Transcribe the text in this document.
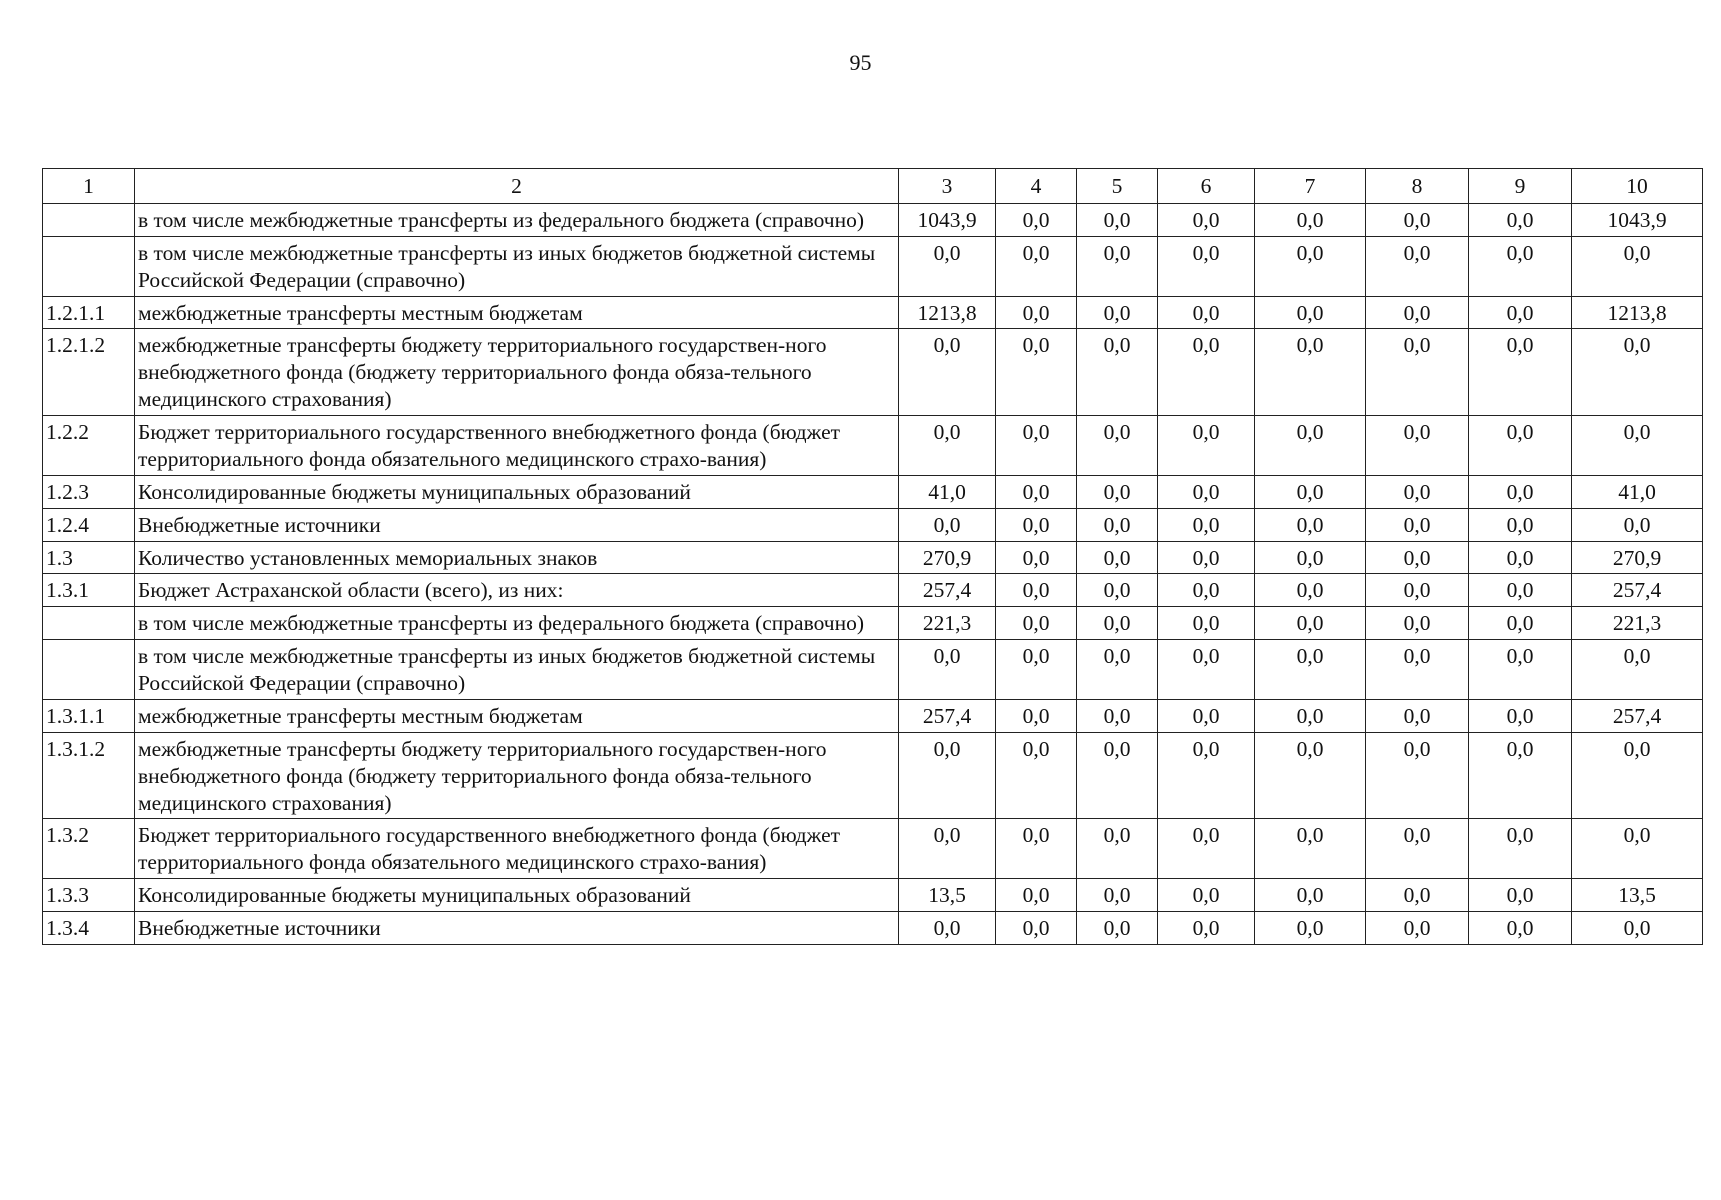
95
1	2	3	4	5	6	7	8	9	10
	в том числе межбюджетные трансферты из федерального бюджета (справочно)	1043,9	0,0	0,0	0,0	0,0	0,0	0,0	1043,9
	в том числе межбюджетные трансферты из иных бюджетов бюджетной системы Российской Федерации (справочно)	0,0	0,0	0,0	0,0	0,0	0,0	0,0	0,0
1.2.1.1	межбюджетные трансферты местным бюджетам	1213,8	0,0	0,0	0,0	0,0	0,0	0,0	1213,8
1.2.1.2	межбюджетные трансферты бюджету территориального государствен-ного внебюджетного фонда (бюджету территориального фонда обяза-тельного медицинского страхования)	0,0	0,0	0,0	0,0	0,0	0,0	0,0	0,0
1.2.2	Бюджет территориального государственного внебюджетного фонда (бюджет территориального фонда обязательного медицинского страхо-вания)	0,0	0,0	0,0	0,0	0,0	0,0	0,0	0,0
1.2.3	Консолидированные бюджеты муниципальных образований	41,0	0,0	0,0	0,0	0,0	0,0	0,0	41,0
1.2.4	Внебюджетные источники	0,0	0,0	0,0	0,0	0,0	0,0	0,0	0,0
1.3	Количество установленных мемориальных знаков	270,9	0,0	0,0	0,0	0,0	0,0	0,0	270,9
1.3.1	Бюджет Астраханской области (всего), из них:	257,4	0,0	0,0	0,0	0,0	0,0	0,0	257,4
	в том числе межбюджетные трансферты из федерального бюджета (справочно)	221,3	0,0	0,0	0,0	0,0	0,0	0,0	221,3
	в том числе межбюджетные трансферты из иных бюджетов бюджетной системы Российской Федерации (справочно)	0,0	0,0	0,0	0,0	0,0	0,0	0,0	0,0
1.3.1.1	межбюджетные трансферты местным бюджетам	257,4	0,0	0,0	0,0	0,0	0,0	0,0	257,4
1.3.1.2	межбюджетные трансферты бюджету территориального государствен-ного внебюджетного фонда (бюджету территориального фонда обяза-тельного медицинского страхования)	0,0	0,0	0,0	0,0	0,0	0,0	0,0	0,0
1.3.2	Бюджет территориального государственного внебюджетного фонда (бюджет территориального фонда обязательного медицинского страхо-вания)	0,0	0,0	0,0	0,0	0,0	0,0	0,0	0,0
1.3.3	Консолидированные бюджеты муниципальных образований	13,5	0,0	0,0	0,0	0,0	0,0	0,0	13,5
1.3.4	Внебюджетные источники	0,0	0,0	0,0	0,0	0,0	0,0	0,0	0,0
